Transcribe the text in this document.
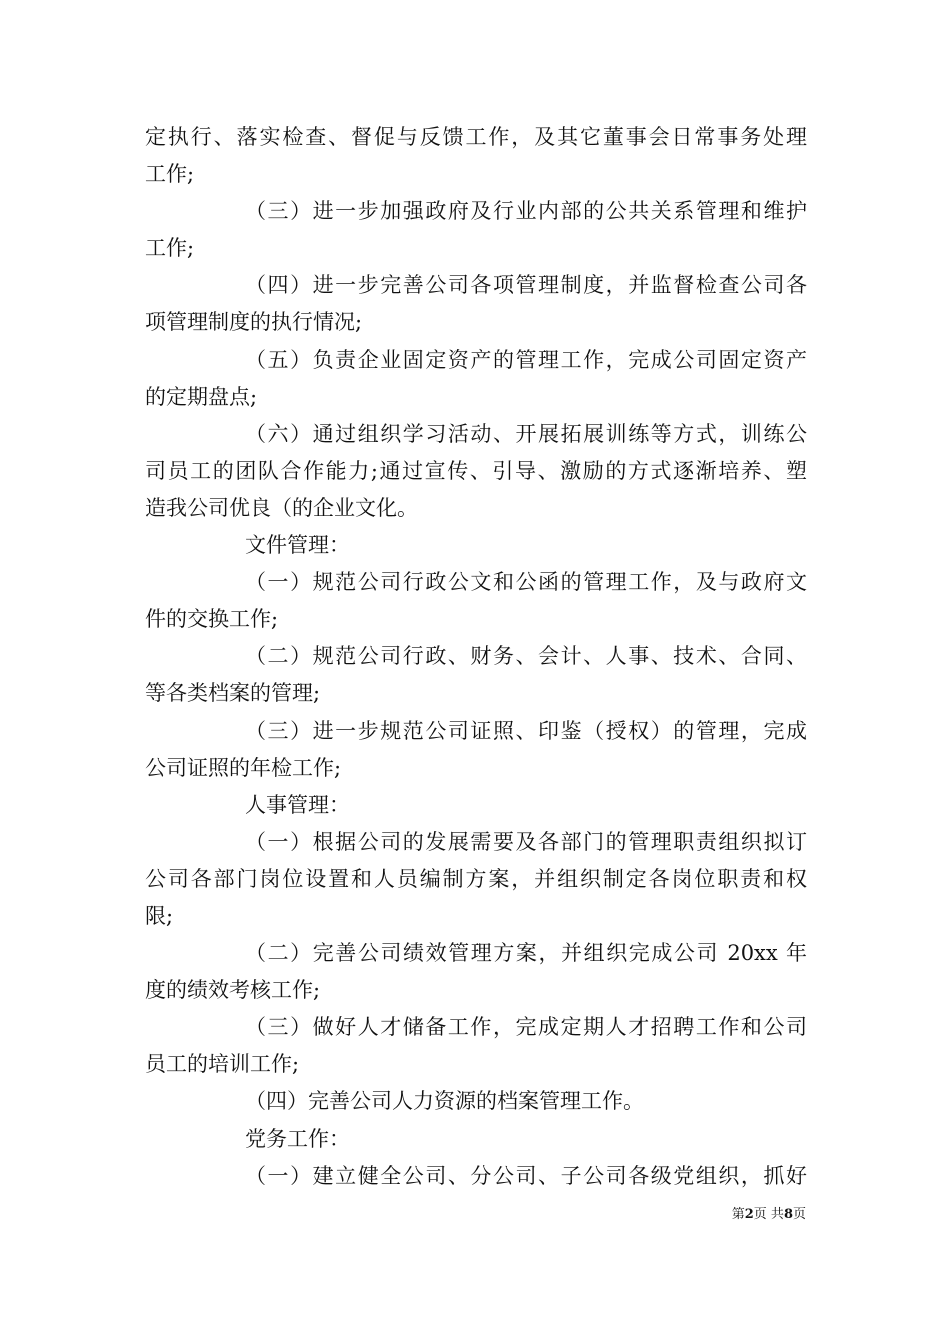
定执行、落实检查、督促与反馈工作，及其它董事会日常事务处理
工作;
（三）进一步加强政府及行业内部的公共关系管理和维护
工作;
（四）进一步完善公司各项管理制度，并监督检查公司各
项管理制度的执行情况;
（五）负责企业固定资产的管理工作，完成公司固定资产
的定期盘点;
（六）通过组织学习活动、开展拓展训练等方式，训练公
司员工的团队合作能力;通过宣传、引导、激励的方式逐渐培养、塑
造我公司优良（的企业文化。
文件管理：
（一）规范公司行政公文和公函的管理工作，及与政府文
件的交换工作;
（二）规范公司行政、财务、会计、人事、技术、合同、
等各类档案的管理;
（三）进一步规范公司证照、印鉴（授权）的管理，完成
公司证照的年检工作;
人事管理：
（一）根据公司的发展需要及各部门的管理职责组织拟订
公司各部门岗位设置和人员编制方案，并组织制定各岗位职责和权
限;
（二）完善公司绩效管理方案，并组织完成公司 20xx 年
度的绩效考核工作;
（三）做好人才储备工作，完成定期人才招聘工作和公司
员工的培训工作;
（四）完善公司人力资源的档案管理工作。
党务工作：
（一）建立健全公司、分公司、子公司各级党组织，抓好
第2页 共8页
